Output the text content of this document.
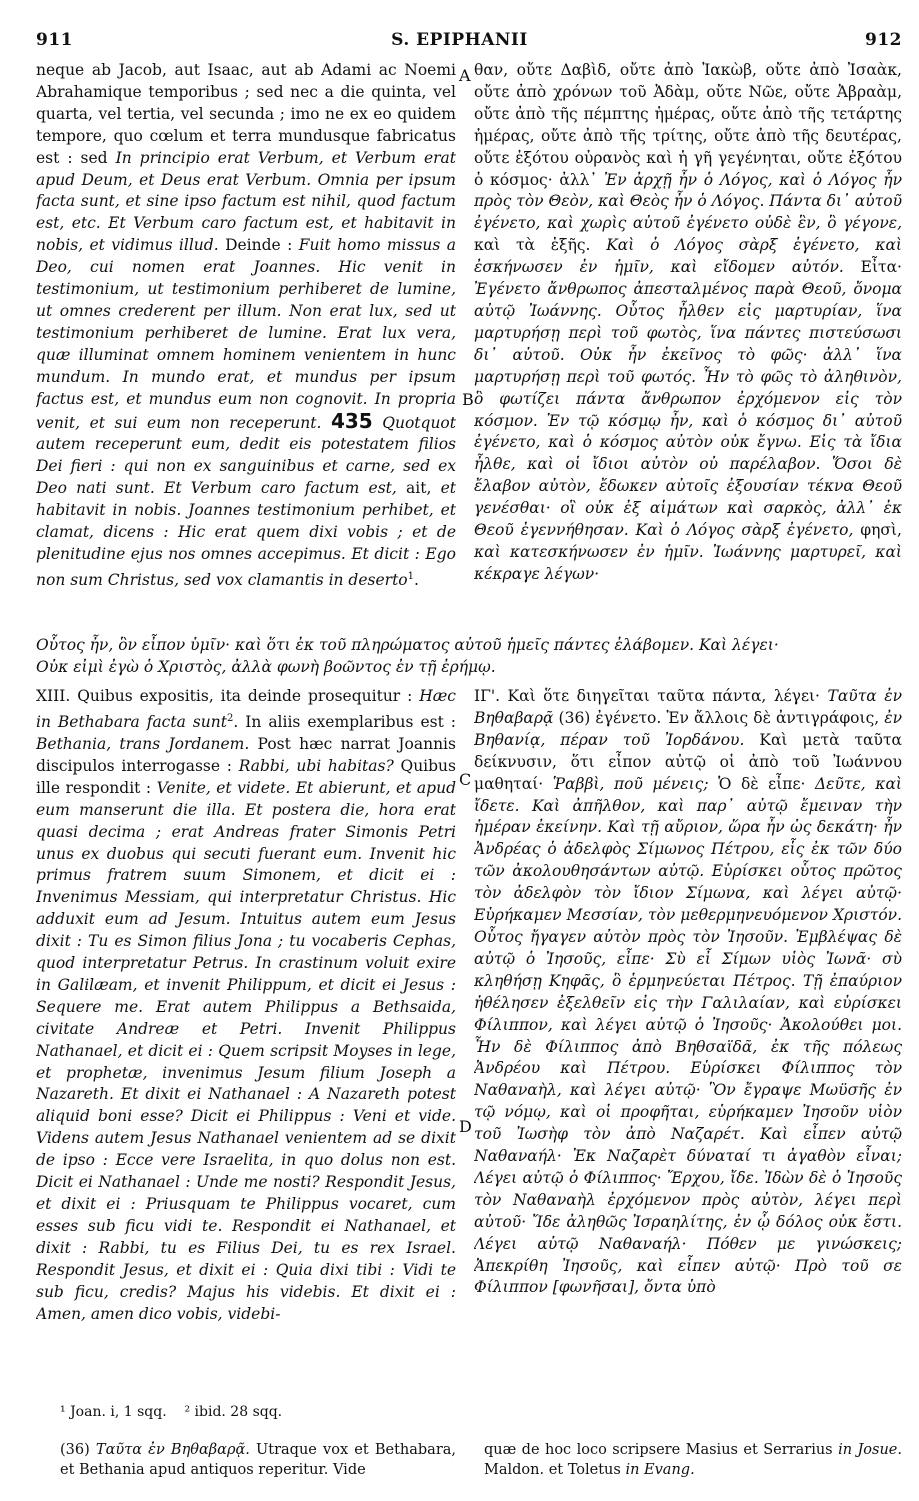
911	S. EPIPHANII	912
A
B
C
D

neque ab Jacob, aut Isaac, aut ab Adami ac Noemi Abrahamique temporibus ; sed nec a die quinta, vel quarta, vel tertia, vel secunda ; imo ne ex eo quidem tempore, quo cœlum et terra mundusque fabricatus est : sed In principio erat Verbum, et Verbum erat apud Deum, et Deus erat Verbum. Omnia per ipsum facta sunt, et sine ipso factum est nihil, quod factum est, etc. Et Verbum caro factum est, et habitavit in nobis, et vidimus illud. Deinde : Fuit homo missus a Deo, cui nomen erat Joannes. Hic venit in testimonium, ut testimonium perhiberet de lumine, ut omnes crederent per illum. Non erat lux, sed ut testimonium perhiberet de lumine. Erat lux vera, quæ illuminat omnem hominem venientem in hunc mundum. In mundo erat, et mundus per ipsum factus est, et mundus eum non cognovit. In propria venit, et sui eum non receperunt. 435 Quotquot autem receperunt eum, dedit eis potestatem filios Dei fieri : qui non ex sanguinibus et carne, sed ex Deo nati sunt. Et Verbum caro factum est, ait, et habitavit in nobis. Joannes testimonium perhibet, et clamat, dicens : Hic erat quem dixi vobis ; et de plenitudine ejus nos omnes accepimus. Et dicit : Ego non sum Christus, sed vox clamantis in deserto$^1$.

θαν, οὔτε Δαβὶδ, οὔτε ἀπὸ Ἰακὼβ, οὔτε ἀπὸ Ἰσαὰκ, οὔτε ἀπὸ χρόνων τοῦ Ἀδὰμ, οὔτε Νῶε, οὔτε Ἀβραὰμ, οὔτε ἀπὸ τῆς πέμπτης ἡμέρας, οὔτε ἀπὸ τῆς τετάρτης ἡμέρας, οὔτε ἀπὸ τῆς τρίτης, οὔτε ἀπὸ τῆς δευτέρας, οὔτε ἐξότου οὐρανὸς καὶ ἡ γῆ γεγένηται, οὔτε ἐξότου ὁ κόσμος· ἀλλ᾽ Ἐν ἀρχῇ ἦν ὁ Λόγος, καὶ ὁ Λόγος ἦν πρὸς τὸν Θεὸν, καὶ Θεὸς ἦν ὁ Λόγος. Πάντα δι᾽ αὐτοῦ ἐγένετο, καὶ χωρὶς αὐτοῦ ἐγένετο οὐδὲ ἓν, ὃ γέγονε, καὶ τὰ ἑξῆς. Καὶ ὁ Λόγος σὰρξ ἐγένετο, καὶ ἐσκήνωσεν ἐν ἡμῖν, καὶ εἴδομεν αὐτόν. Εἶτα· Ἐγένετο ἄνθρωπος ἀπεσταλμένος παρὰ Θεοῦ, ὄνομα αὐτῷ Ἰωάννης. Οὗτος ἦλθεν εἰς μαρτυρίαν, ἵνα μαρτυρήσῃ περὶ τοῦ φωτὸς, ἵνα πάντες πιστεύσωσι δι᾽ αὐτοῦ. Οὐκ ἦν ἐκεῖνος τὸ φῶς· ἀλλ᾽ ἵνα μαρτυρήσῃ περὶ τοῦ φωτός. Ἦν τὸ φῶς τὸ ἀληθινὸν, ὃ φωτίζει πάντα ἄνθρωπον ἐρχόμενον εἰς τὸν κόσμον. Ἐν τῷ κόσμῳ ἦν, καὶ ὁ κόσμος δι᾽ αὐτοῦ ἐγένετο, καὶ ὁ κόσμος αὐτὸν οὐκ ἔγνω. Εἰς τὰ ἴδια ἦλθε, καὶ οἱ ἴδιοι αὐτὸν οὐ παρέλαβον. Ὅσοι δὲ ἔλαβον αὐτὸν, ἔδωκεν αὐτοῖς ἐξουσίαν τέκνα Θεοῦ γενέσθαι· οἳ οὐκ ἐξ αἱμάτων καὶ σαρκὸς, ἀλλ᾽ ἐκ Θεοῦ ἐγεννήθησαν. Καὶ ὁ Λόγος σὰρξ ἐγένετο, φησὶ, καὶ κατεσκήνωσεν ἐν ἡμῖν. Ἰωάννης μαρτυρεῖ, καὶ κέκραγε λέγων·

Οὗτος ἦν, ὃν εἶπον ὑμῖν· καὶ ὅτι ἐκ τοῦ πληρώματος αὐτοῦ ἡμεῖς πάντες ἐλάβομεν. Καὶ λέγει·
Οὐκ εἰμὶ ἐγὼ ὁ Χριστὸς, ἀλλὰ φωνὴ βοῶντος ἐν τῇ ἐρήμῳ.

XIII. Quibus expositis, ita deinde prosequitur : Hæc in Bethabara facta sunt$^2$. In aliis exemplaribus est : Bethania, trans Jordanem. Post hæc narrat Joannis discipulos interrogasse : Rabbi, ubi habitas? Quibus ille respondit : Venite, et videte. Et abierunt, et apud eum manserunt die illa. Et postera die, hora erat quasi decima ; erat Andreas frater Simonis Petri unus ex duobus qui secuti fuerant eum. Invenit hic primus fratrem suum Simonem, et dicit ei : Invenimus Messiam, qui interpretatur Christus. Hic adduxit eum ad Jesum. Intuitus autem eum Jesus dixit : Tu es Simon filius Jona ; tu vocaberis Cephas, quod interpretatur Petrus. In crastinum voluit exire in Galilæam, et invenit Philippum, et dicit ei Jesus : Sequere me. Erat autem Philippus a Bethsaida, civitate Andreæ et Petri. Invenit Philippus Nathanael, et dicit ei : Quem scripsit Moyses in lege, et prophetæ, invenimus Jesum filium Joseph a Nazareth. Et dixit ei Nathanael : A Nazareth potest aliquid boni esse? Dicit ei Philippus : Veni et vide. Videns autem Jesus Nathanael venientem ad se dixit de ipso : Ecce vere Israelita, in quo dolus non est. Dicit ei Nathanael : Unde me nosti? Respondit Jesus, et dixit ei : Priusquam te Philippus vocaret, cum esses sub ficu vidi te. Respondit ei Nathanael, et dixit : Rabbi, tu es Filius Dei, tu es rex Israel. Respondit Jesus, et dixit ei : Quia dixi tibi : Vidi te sub ficu, credis? Majus his videbis. Et dixit ei : Amen, amen dico vobis, videbi-

ΙΓ'. Καὶ ὅτε διηγεῖται ταῦτα πάντα, λέγει· Ταῦτα ἐν Βηθαβαρᾷ (36) ἐγένετο. Ἐν ἄλλοις δὲ ἀντιγράφοις, ἐν Βηθανίᾳ, πέραν τοῦ Ἰορδάνου. Καὶ μετὰ ταῦτα δείκνυσιν, ὅτι εἶπον αὐτῷ οἱ ἀπὸ τοῦ Ἰωάννου μαθηταί· Ῥαββὶ, ποῦ μένεις; Ὁ δὲ εἶπε· Δεῦτε, καὶ ἴδετε. Καὶ ἀπῆλθον, καὶ παρ᾽ αὐτῷ ἔμειναν τὴν ἡμέραν ἐκείνην. Καὶ τῇ αὔριον, ὥρα ἦν ὡς δεκάτη· ἦν Ἀνδρέας ὁ ἀδελφὸς Σίμωνος Πέτρου, εἷς ἐκ τῶν δύο τῶν ἀκολουθησάντων αὐτῷ. Εὑρίσκει οὗτος πρῶτος τὸν ἀδελφὸν τὸν ἴδιον Σίμωνα, καὶ λέγει αὐτῷ· Εὑρήκαμεν Μεσσίαν, τὸν μεθερμηνευόμενον Χριστόν. Οὗτος ἤγαγεν αὐτὸν πρὸς τὸν Ἰησοῦν. Ἐμβλέψας δὲ αὐτῷ ὁ Ἰησοῦς, εἶπε· Σὺ εἶ Σίμων υἱὸς Ἰωνᾶ· σὺ κληθήσῃ Κηφᾶς, ὃ ἑρμηνεύεται Πέτρος. Τῇ ἐπαύριον ἠθέλησεν ἐξελθεῖν εἰς τὴν Γαλιλαίαν, καὶ εὑρίσκει Φίλιππον, καὶ λέγει αὐτῷ ὁ Ἰησοῦς· Ἀκολούθει μοι. Ἦν δὲ Φίλιππος ἀπὸ Βηθσαϊδᾶ, ἐκ τῆς πόλεως Ἀνδρέου καὶ Πέτρου. Εὑρίσκει Φίλιππος τὸν Ναθαναὴλ, καὶ λέγει αὐτῷ· Ὃν ἔγραψε Μωϋσῆς ἐν τῷ νόμῳ, καὶ οἱ προφῆται, εὑρήκαμεν Ἰησοῦν υἱὸν τοῦ Ἰωσὴφ τὸν ἀπὸ Ναζαρέτ. Καὶ εἶπεν αὐτῷ Ναθαναήλ· Ἐκ Ναζαρὲτ δύναταί τι ἀγαθὸν εἶναι; Λέγει αὐτῷ ὁ Φίλιππος· Ἔρχου, ἴδε. Ἰδὼν δὲ ὁ Ἰησοῦς τὸν Ναθαναὴλ ἐρχόμενον πρὸς αὐτὸν, λέγει περὶ αὐτοῦ· Ἴδε ἀληθῶς Ἰσραηλίτης, ἐν ᾧ δόλος οὐκ ἔστι. Λέγει αὐτῷ Ναθαναήλ· Πόθεν με γινώσκεις; Ἀπεκρίθη Ἰησοῦς, καὶ εἶπεν αὐτῷ· Πρὸ τοῦ σε Φίλιππον [φωνῆσαι], ὄντα ὑπὸ

¹ Joan. i, 1 sqq.    ² ibid. 28 sqq.
(36) Ταῦτα ἐν Βηθαβαρᾷ. Utraque vox et Bethabara, et Bethania apud antiquos reperitur. Vide
quæ de hoc loco scripsere Masius et Serrarius in Josue. Maldon. et Toletus in Evang.
